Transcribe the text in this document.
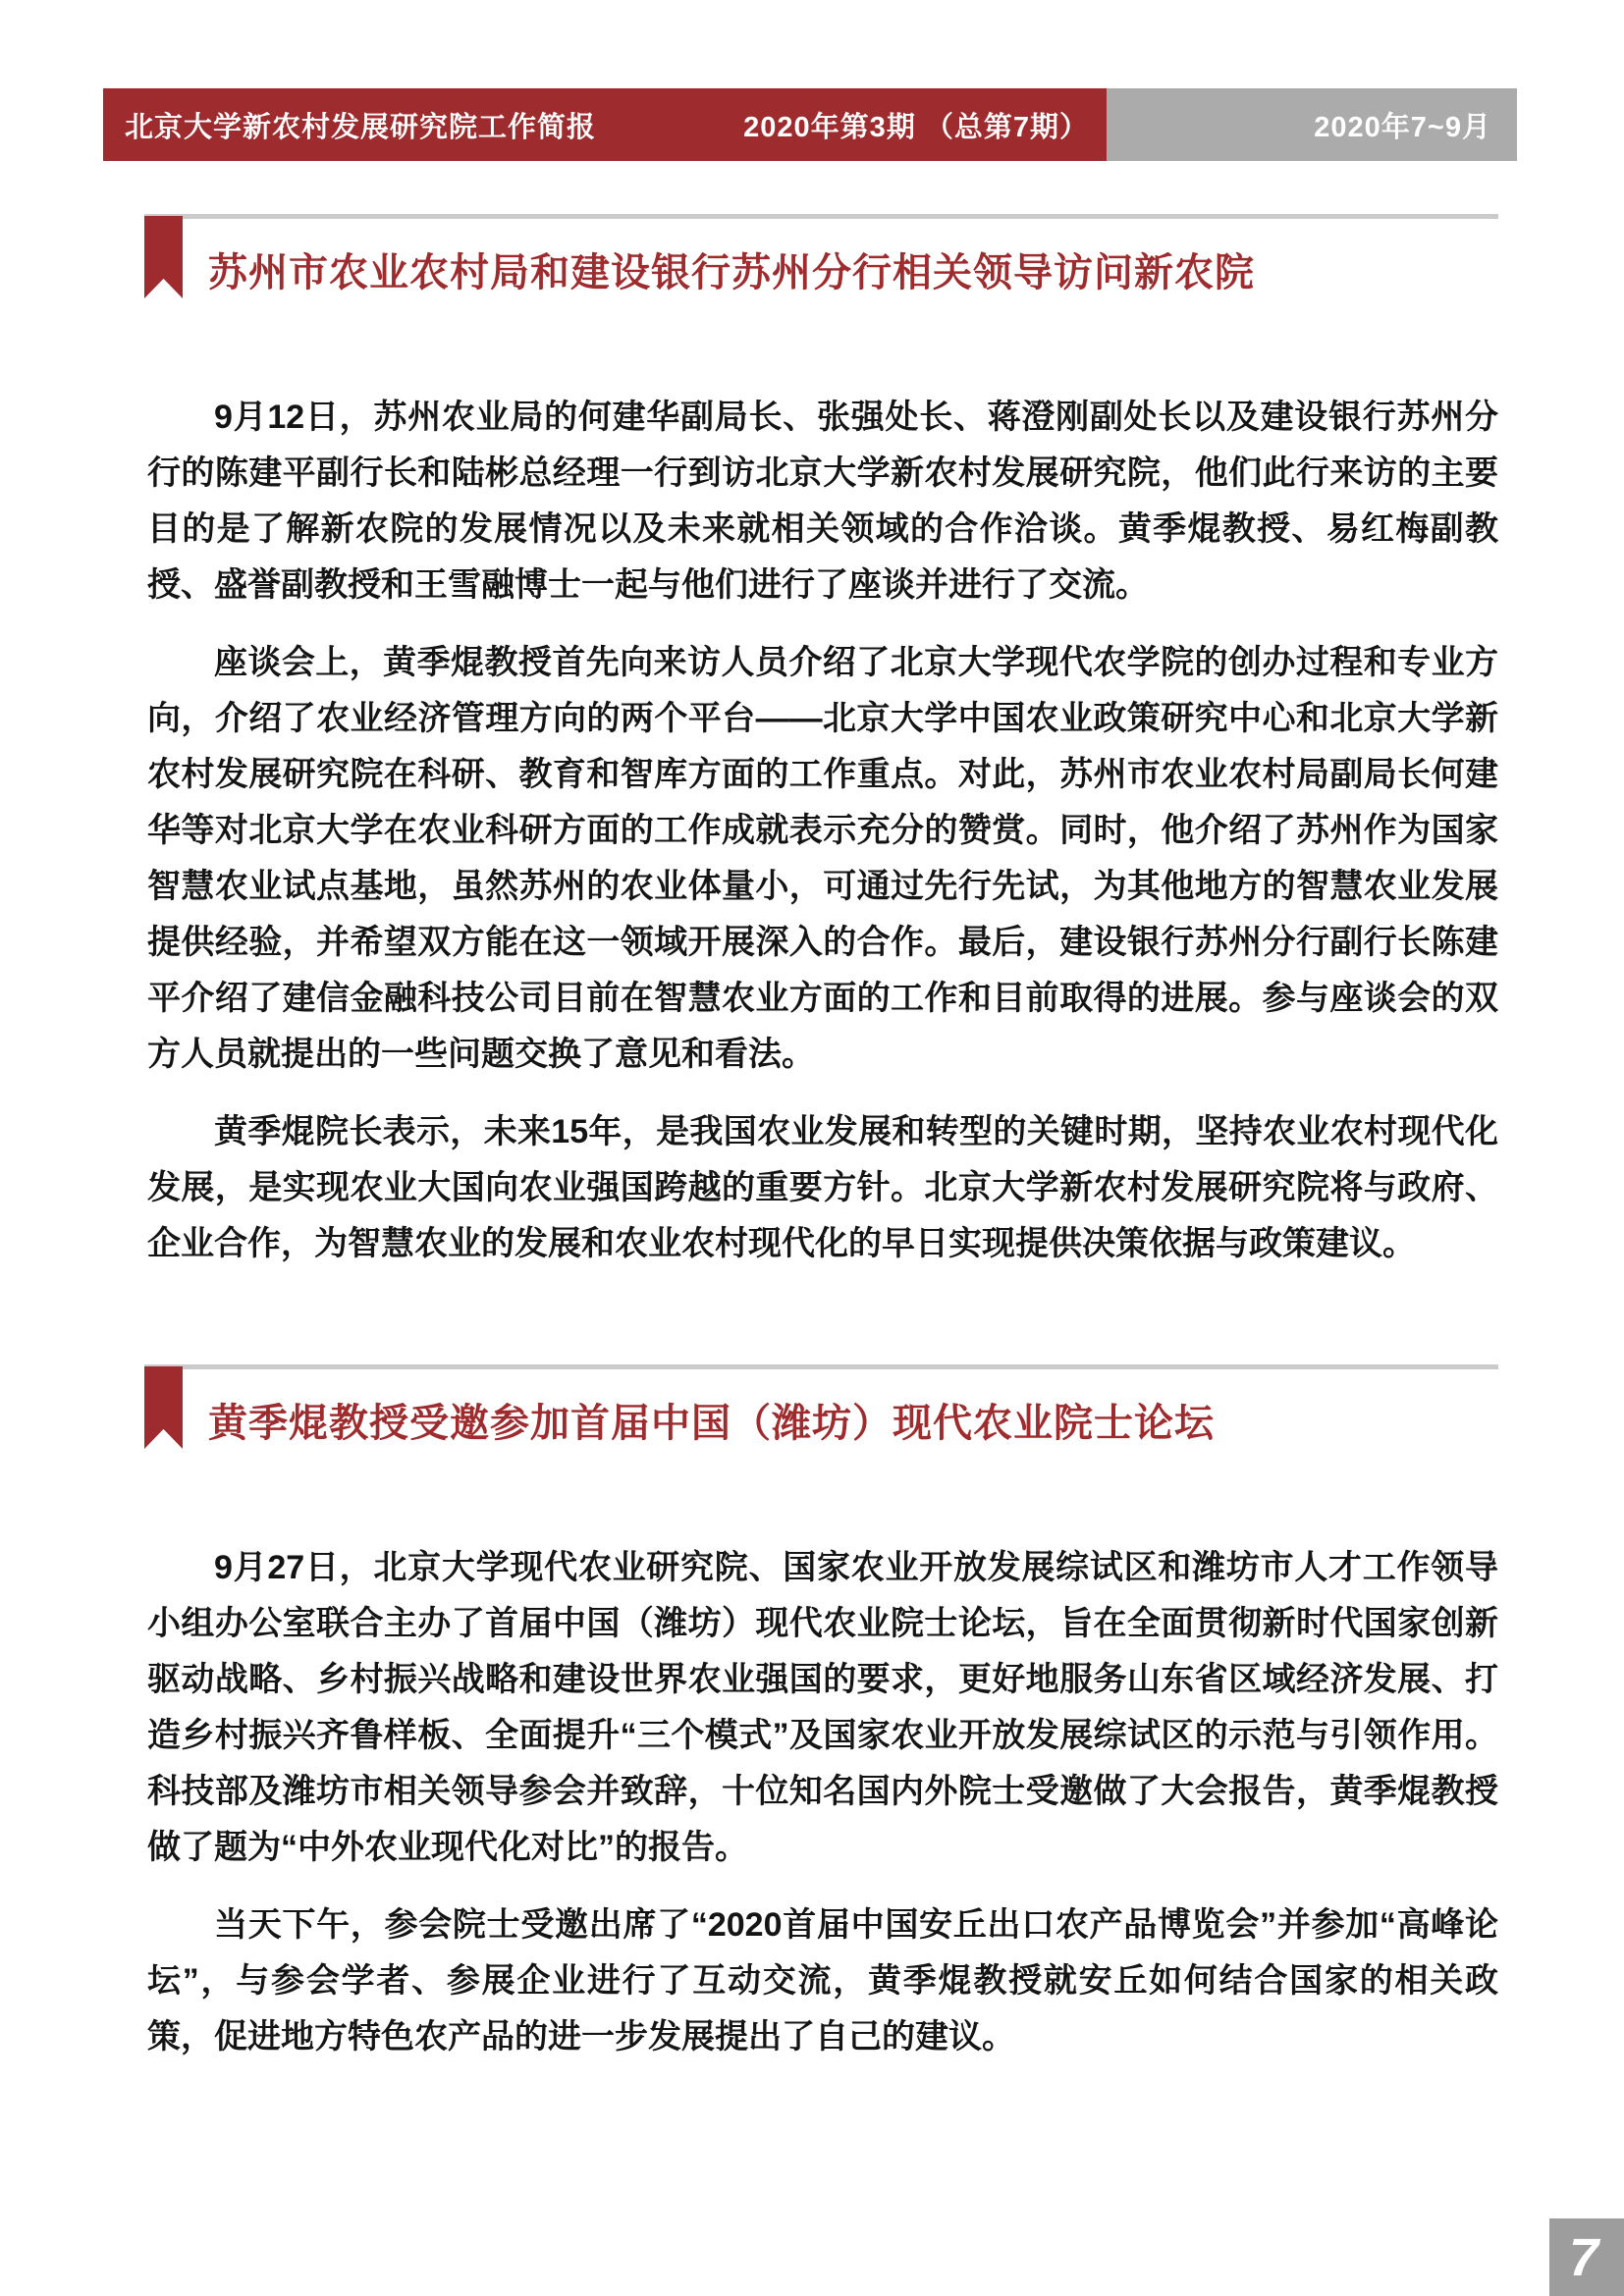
北京大学新农村发展研究院工作简报	2020年第3期 （总第7期）	2020年7~9月
苏州市农业农村局和建设银行苏州分行相关领导访问新农院

9月12日，苏州农业局的何建华副局长、张强处长、蒋澄刚副处长以及建设银行苏州分行的陈建平副行长和陆彬总经理一行到访北京大学新农村发展研究院，他们此行来访的主要目的是了解新农院的发展情况以及未来就相关领域的合作洽谈。黄季焜教授、易红梅副教授、盛誉副教授和王雪融博士一起与他们进行了座谈并进行了交流。

座谈会上，黄季焜教授首先向来访人员介绍了北京大学现代农学院的创办过程和专业方向，介绍了农业经济管理方向的两个平台——北京大学中国农业政策研究中心和北京大学新农村发展研究院在科研、教育和智库方面的工作重点。对此，苏州市农业农村局副局长何建华等对北京大学在农业科研方面的工作成就表示充分的赞赏。同时，他介绍了苏州作为国家智慧农业试点基地，虽然苏州的农业体量小，可通过先行先试，为其他地方的智慧农业发展提供经验，并希望双方能在这一领域开展深入的合作。最后，建设银行苏州分行副行长陈建平介绍了建信金融科技公司目前在智慧农业方面的工作和目前取得的进展。参与座谈会的双方人员就提出的一些问题交换了意见和看法。

黄季焜院长表示，未来15年，是我国农业发展和转型的关键时期，坚持农业农村现代化发展，是实现农业大国向农业强国跨越的重要方针。北京大学新农村发展研究院将与政府、企业合作，为智慧农业的发展和农业农村现代化的早日实现提供决策依据与政策建议。

黄季焜教授受邀参加首届中国（潍坊）现代农业院士论坛

9月27日，北京大学现代农业研究院、国家农业开放发展综试区和潍坊市人才工作领导小组办公室联合主办了首届中国（潍坊）现代农业院士论坛，旨在全面贯彻新时代国家创新驱动战略、乡村振兴战略和建设世界农业强国的要求，更好地服务山东省区域经济发展、打造乡村振兴齐鲁样板、全面提升“三个模式”及国家农业开放发展综试区的示范与引领作用。科技部及潍坊市相关领导参会并致辞，十位知名国内外院士受邀做了大会报告，黄季焜教授做了题为“中外农业现代化对比”的报告。

当天下午，参会院士受邀出席了“2020首届中国安丘出口农产品博览会”并参加“高峰论坛”，与参会学者、参展企业进行了互动交流，黄季焜教授就安丘如何结合国家的相关政策，促进地方特色农产品的进一步发展提出了自己的建议。

7
